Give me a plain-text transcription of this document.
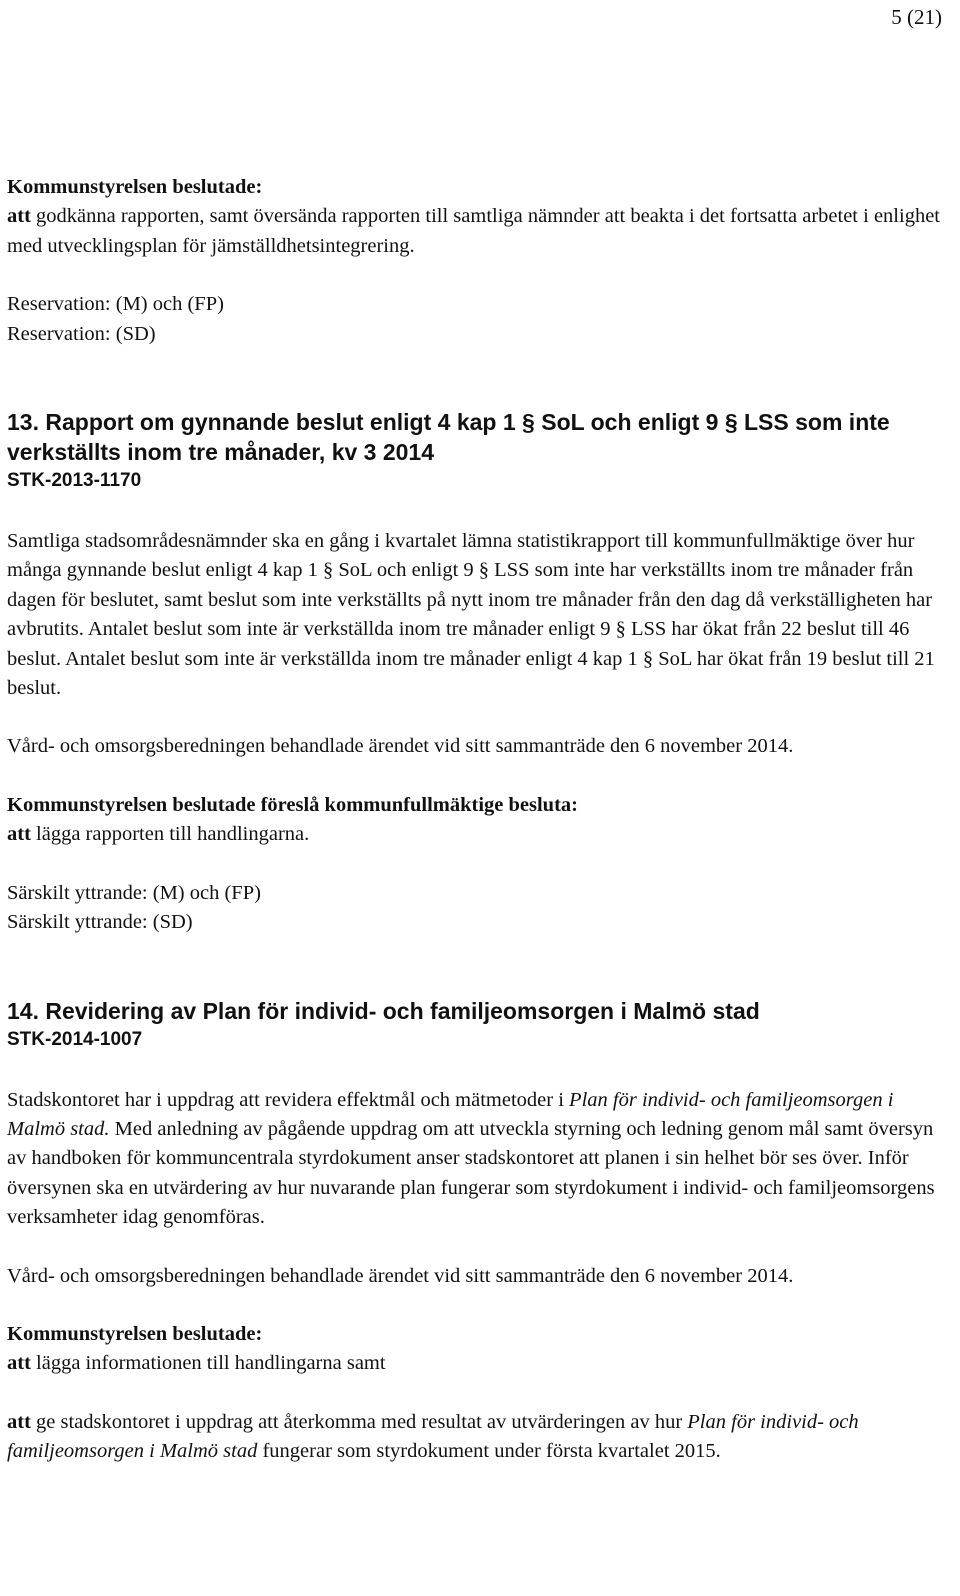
5 (21)

Kommunstyrelsen beslutade:

att godkänna rapporten, samt översända rapporten till samtliga nämnder att beakta i det fortsatta arbetet i enlighet med utvecklingsplan för jämställdhetsintegrering.

Reservation: (M) och (FP)

Reservation: (SD)

13. Rapport om gynnande beslut enligt 4 kap 1 § SoL och enligt 9 § LSS som inte verkställts inom tre månader, kv 3 2014

STK-2013-1170

Samtliga stadsområdesnämnder ska en gång i kvartalet lämna statistikrapport till kommunfullmäktige över hur många gynnande beslut enligt 4 kap 1 § SoL och enligt 9 § LSS som inte har verkställts inom tre månader från dagen för beslutet, samt beslut som inte verkställts på nytt inom tre månader från den dag då verkställigheten har avbrutits. Antalet beslut som inte är verkställda inom tre månader enligt 9 § LSS har ökat från 22 beslut till 46 beslut. Antalet beslut som inte är verkställda inom tre månader enligt 4 kap 1 § SoL har ökat från 19 beslut till 21 beslut.

Vård- och omsorgsberedningen behandlade ärendet vid sitt sammanträde den 6 november 2014.

Kommunstyrelsen beslutade föreslå kommunfullmäktige besluta:

att lägga rapporten till handlingarna.

Särskilt yttrande: (M) och (FP)

Särskilt yttrande: (SD)

14. Revidering av Plan för individ- och familjeomsorgen i Malmö stad

STK-2014-1007

Stadskontoret har i uppdrag att revidera effektmål och mätmetoder i Plan för individ- och familjeomsorgen i Malmö stad. Med anledning av pågående uppdrag om att utveckla styrning och ledning genom mål samt översyn av handboken för kommuncentrala styrdokument anser stadskontoret att planen i sin helhet bör ses över. Inför översynen ska en utvärdering av hur nuvarande plan fungerar som styrdokument i individ- och familjeomsorgens verksamheter idag genomföras.

Vård- och omsorgsberedningen behandlade ärendet vid sitt sammanträde den 6 november 2014.

Kommunstyrelsen beslutade:

att lägga informationen till handlingarna samt

att ge stadskontoret i uppdrag att återkomma med resultat av utvärderingen av hur Plan för individ- och familjeomsorgen i Malmö stad fungerar som styrdokument under första kvartalet 2015.
